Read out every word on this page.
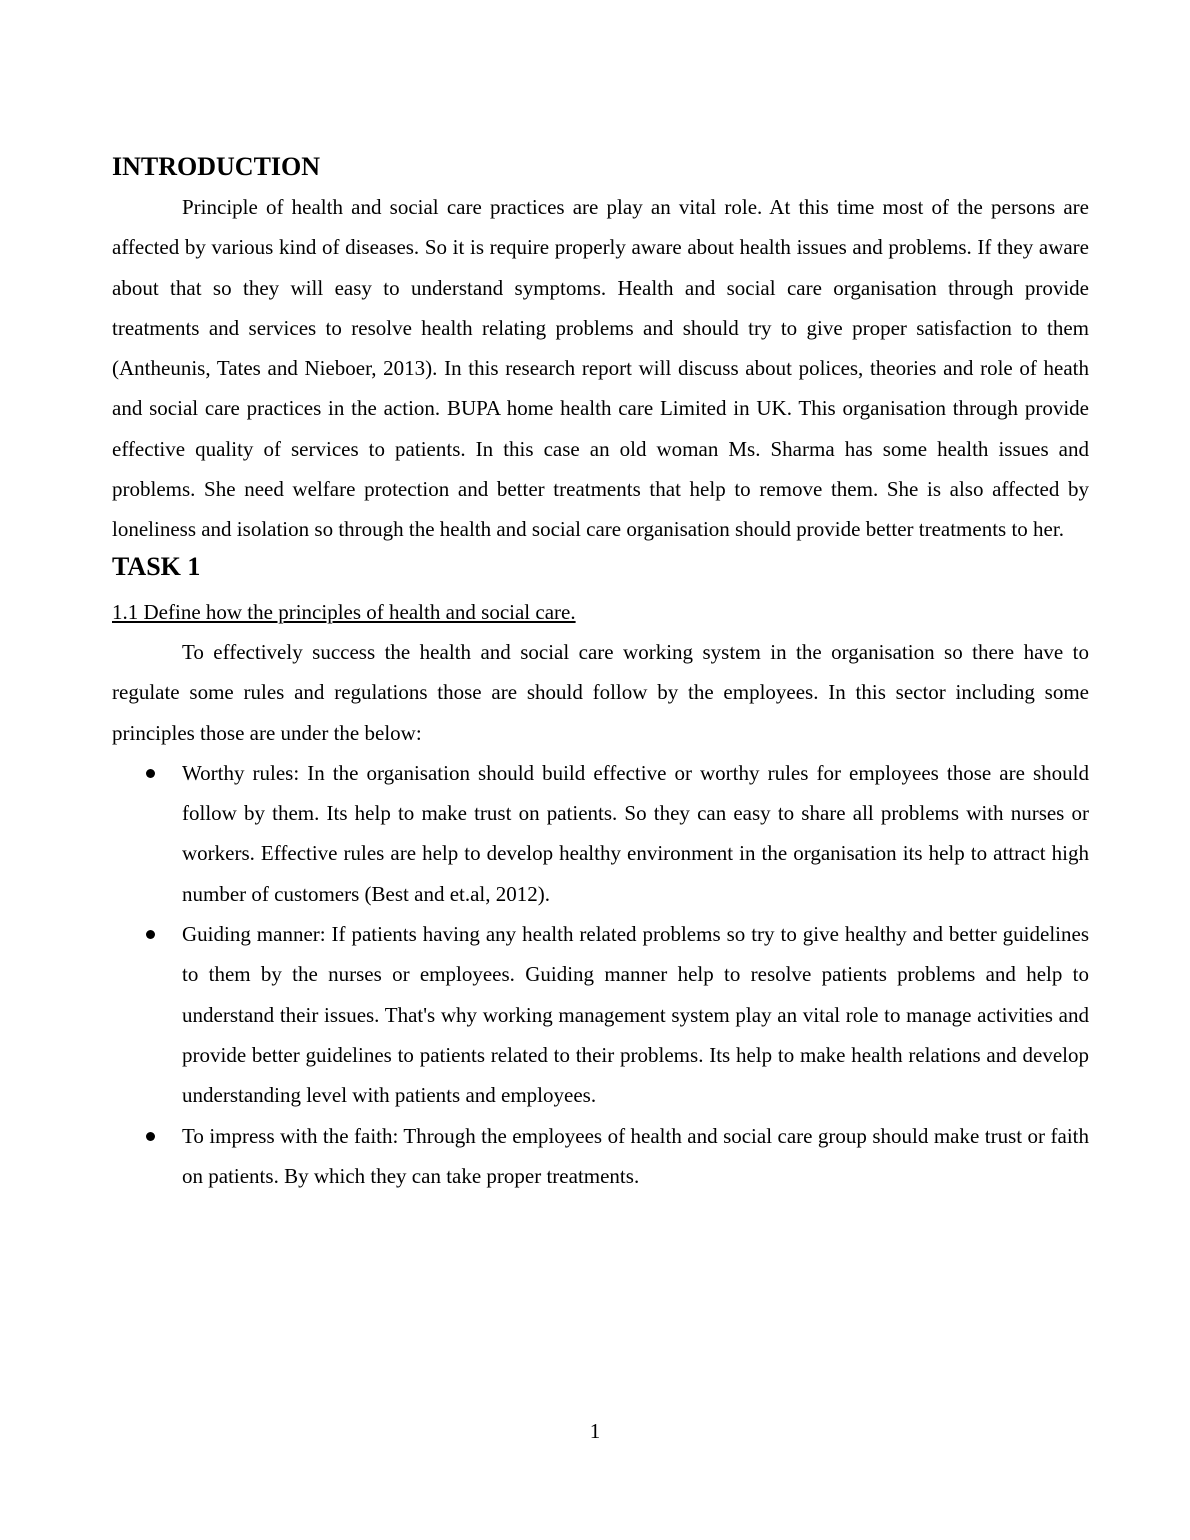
INTRODUCTION

Principle of health and social care practices are play an vital role. At this time most of the persons are affected by various kind of diseases. So it is require properly aware about health issues and problems. If they aware about that so they will easy to understand symptoms. Health and social care organisation through provide treatments and services to resolve health relating problems and should try to give proper satisfaction to them (Antheunis, Tates and Nieboer, 2013). In this research report will discuss about polices, theories and role of heath and social care practices in the action. BUPA home health care Limited in UK. This organisation through provide effective quality of services to patients. In this case an old woman Ms. Sharma has some health issues and problems. She need welfare protection and better treatments that help to remove them. She is also affected by loneliness and isolation so through the health and social care organisation should provide better treatments to her.

TASK 1

1.1 Define how the principles of health and social care.

To effectively success the health and social care working system in the organisation so there have to regulate some rules and regulations those are should follow by the employees. In this sector including some principles those are under the below:

Worthy rules: In the organisation should build effective or worthy rules for employees those are should follow by them. Its help to make trust on patients. So they can easy to share all problems with nurses or workers. Effective rules are help to develop healthy environment in the organisation its help to attract high number of customers (Best and et.al, 2012).
Guiding manner: If patients having any health related problems so try to give healthy and better guidelines to them by the nurses or employees. Guiding manner help to resolve patients problems and help to understand their issues. That's why working management system play an vital role to manage activities and provide better guidelines to patients related to their problems. Its help to make health relations and develop understanding level with patients and employees.
To impress with the faith: Through the employees of health and social care group should make trust or faith on patients. By which they can take proper treatments.
1
